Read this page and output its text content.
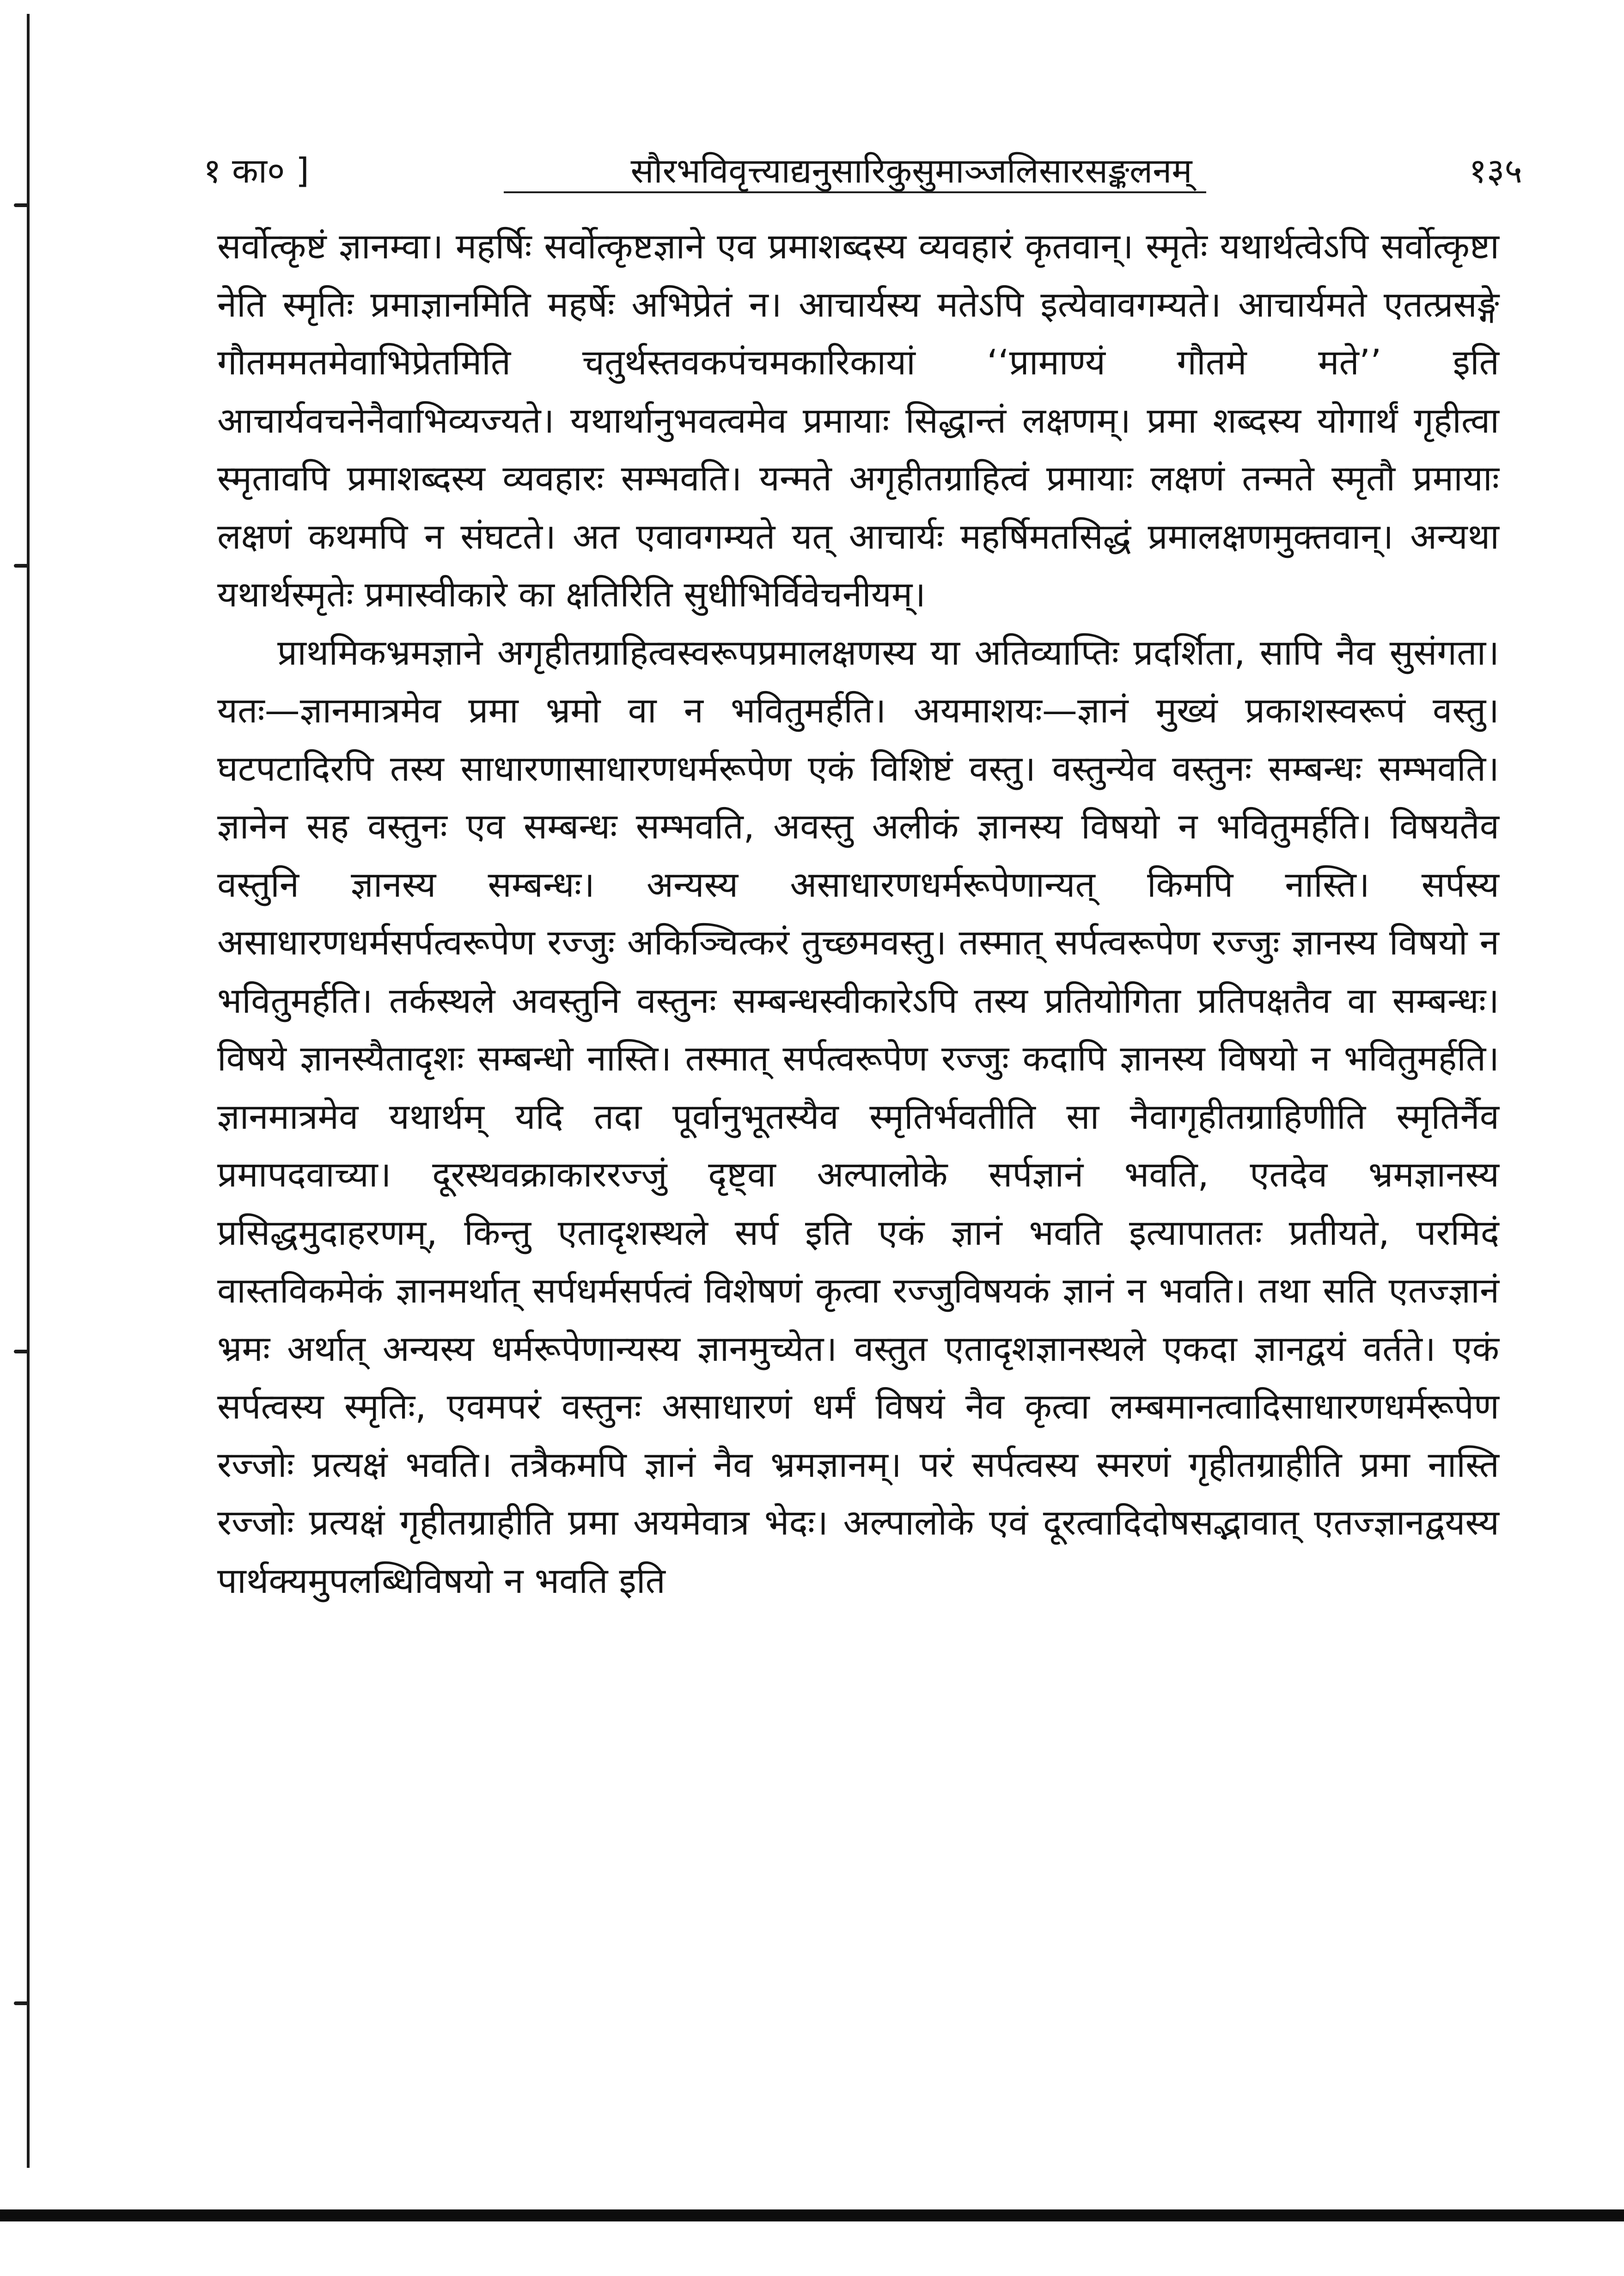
१ का० ]	सौरभविवृत्त्याद्यनुसारिकुसुमाञ्जलिसारसङ्कलनम्	१३५

सर्वोत्कृष्टं ज्ञानम्वा। महर्षिः सर्वोत्कृष्टज्ञाने एव प्रमाशब्दस्य व्यवहारं कृतवान्। स्मृतेः यथार्थत्वेऽपि सर्वोत्कृष्टा नेति स्मृतिः प्रमाज्ञानमिति महर्षेः अभिप्रेतं न। आचार्यस्य मतेऽपि इत्येवावगम्यते। आचार्यमते एतत्प्रसङ्गे गौतममतमेवाभिप्रेतमिति चतुर्थस्तवकपंचमकारिकायां ‘‘प्रामाण्यं गौतमे मते’’ इति आचार्यवचनेनैवाभिव्यज्यते। यथार्थानुभवत्वमेव प्रमायाः सिद्धान्तं लक्षणम्। प्रमा शब्दस्य योगार्थं गृहीत्वा स्मृतावपि प्रमाशब्दस्य व्यवहारः सम्भवति। यन्मते अगृहीतग्राहित्वं प्रमायाः लक्षणं तन्मते स्मृतौ प्रमायाः लक्षणं कथमपि न संघटते। अत एवावगम्यते यत् आचार्यः महर्षिमतसिद्धं प्रमालक्षणमुक्तवान्। अन्यथा यथार्थस्मृतेः प्रमास्वीकारे का क्षतिरिति सुधीभिर्विवेचनीयम्।

प्राथमिकभ्रमज्ञाने अगृहीतग्राहित्वस्वरूपप्रमालक्षणस्य या अतिव्याप्तिः प्रदर्शिता, सापि नैव सुसंगता। यतः—ज्ञानमात्रमेव प्रमा भ्रमो वा न भवितुमर्हति। अयमाशयः—ज्ञानं मुख्यं प्रकाशस्वरूपं वस्तु। घटपटादिरपि तस्य साधारणासाधारणधर्मरूपेण एकं विशिष्टं वस्तु। वस्तुन्येव वस्तुनः सम्बन्धः सम्भवति। ज्ञानेन सह वस्तुनः एव सम्बन्धः सम्भवति, अवस्तु अलीकं ज्ञानस्य विषयो न भवितुमर्हति। विषयतैव वस्तुनि ज्ञानस्य सम्बन्धः। अन्यस्य असाधारणधर्मरूपेणान्यत् किमपि नास्ति। सर्पस्य असाधारणधर्मसर्पत्वरूपेण रज्जुः अकिञ्चित्करं तुच्छमवस्तु। तस्मात् सर्पत्वरूपेण रज्जुः ज्ञानस्य विषयो न भवितुमर्हति। तर्कस्थले अवस्तुनि वस्तुनः सम्बन्धस्वीकारेऽपि तस्य प्रतियोगिता प्रतिपक्षतैव वा सम्बन्धः। विषये ज्ञानस्यैतादृशः सम्बन्धो नास्ति। तस्मात् सर्पत्वरूपेण रज्जुः कदापि ज्ञानस्य विषयो न भवितुमर्हति। ज्ञानमात्रमेव यथार्थम् यदि तदा पूर्वानुभूतस्यैव स्मृतिर्भवतीति सा नैवागृहीतग्राहिणीति स्मृतिर्नैव प्रमापदवाच्या। दूरस्थवक्राकाररज्जुं दृष्ट्वा अल्पालोके सर्पज्ञानं भवति, एतदेव भ्रमज्ञानस्य प्रसिद्धमुदाहरणम्, किन्तु एतादृशस्थले सर्प इति एकं ज्ञानं भवति इत्यापाततः प्रतीयते, परमिदं वास्तविकमेकं ज्ञानमर्थात् सर्पधर्मसर्पत्वं विशेषणं कृत्वा रज्जुविषयकं ज्ञानं न भवति। तथा सति एतज्ज्ञानं भ्रमः अर्थात् अन्यस्य धर्मरूपेणान्यस्य ज्ञानमुच्येत। वस्तुत एतादृशज्ञानस्थले एकदा ज्ञानद्वयं वर्तते। एकं सर्पत्वस्य स्मृतिः, एवमपरं वस्तुनः असाधारणं धर्मं विषयं नैव कृत्वा लम्बमानत्वादिसाधारणधर्मरूपेण रज्जोः प्रत्यक्षं भवति। तत्रैकमपि ज्ञानं नैव भ्रमज्ञानम्। परं सर्पत्वस्य स्मरणं गृहीतग्राहीति प्रमा नास्ति रज्जोः प्रत्यक्षं गृहीतग्राहीति प्रमा अयमेवात्र भेदः। अल्पालोके एवं दूरत्वादिदोषसद्भावात् एतज्ज्ञानद्वयस्य पार्थक्यमुपलब्धिविषयो न भवति इति
